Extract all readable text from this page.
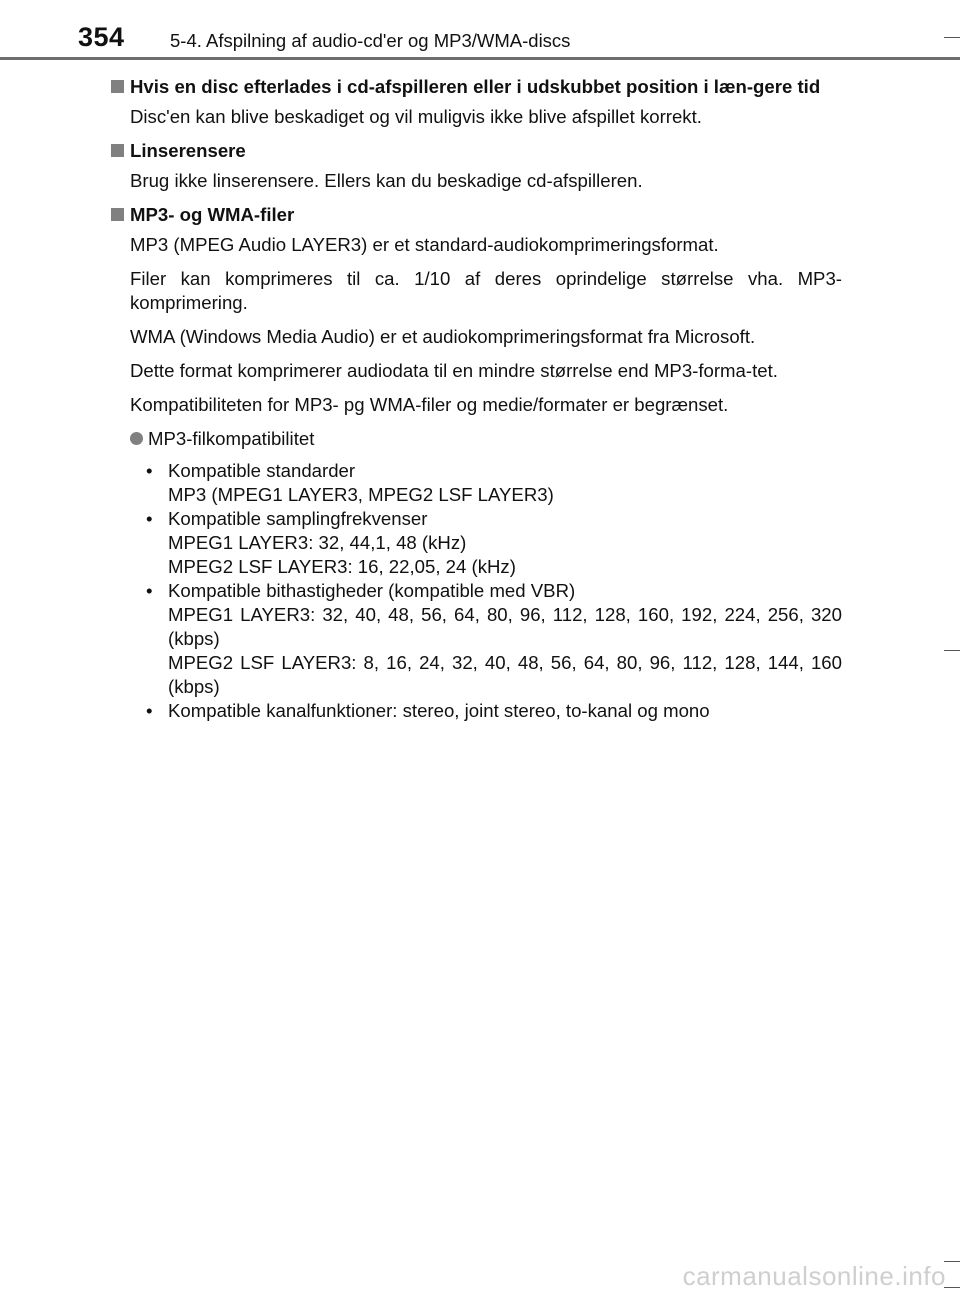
354 5-4. Afspilning af audio-cd'er og MP3/WMA-discs
Hvis en disc efterlades i cd-afspilleren eller i udskubbet position i læn-gere tid

Disc'en kan blive beskadiget og vil muligvis ikke blive afspillet korrekt.

Linserensere

Brug ikke linserensere. Ellers kan du beskadige cd-afspilleren.

MP3- og WMA-filer

MP3 (MPEG Audio LAYER3) er et standard-audiokomprimeringsformat.

Filer kan komprimeres til ca. 1/10 af deres oprindelige størrelse vha. MP3-komprimering.

WMA (Windows Media Audio) er et audiokomprimeringsformat fra Microsoft.

Dette format komprimerer audiodata til en mindre størrelse end MP3-forma-tet.

Kompatibiliteten for MP3- pg WMA-filer og medie/formater er begrænset.

MP3-filkompatibilitet
• Kompatible standarder
MP3 (MPEG1 LAYER3, MPEG2 LSF LAYER3)
• Kompatible samplingfrekvenser
MPEG1 LAYER3: 32, 44,1, 48 (kHz)
MPEG2 LSF LAYER3: 16, 22,05, 24 (kHz)
• Kompatible bithastigheder (kompatible med VBR)
MPEG1 LAYER3: 32, 40, 48, 56, 64, 80, 96, 112, 128, 160, 192, 224, 256, 320 (kbps)
MPEG2 LSF LAYER3: 8, 16, 24, 32, 40, 48, 56, 64, 80, 96, 112, 128, 144, 160 (kbps)
• Kompatible kanalfunktioner: stereo, joint stereo, to-kanal og mono
carmanualsonline.info
